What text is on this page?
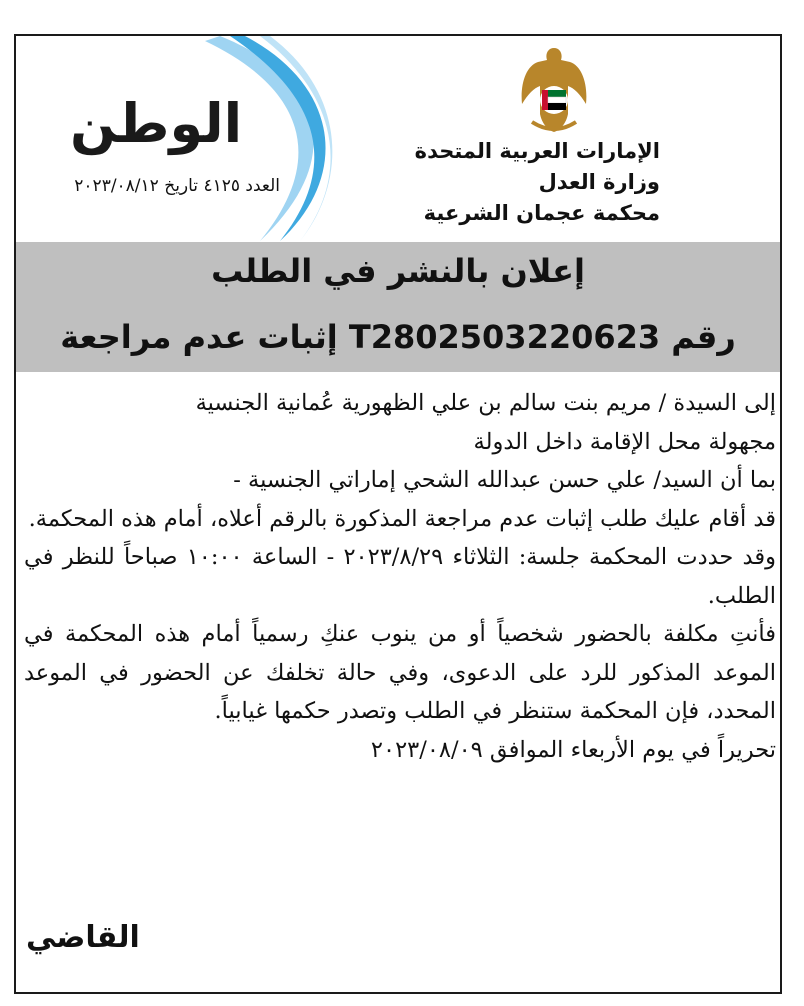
الوطن
العدد ٤١٢٥ تاريخ ٢٠٢٣/٠٨/١٢
الإمارات العربية المتحدة
وزارة العدل
محكمة عجمان الشرعية
إعلان بالنشر في الطلب
رقم T2802503220623 إثبات عدم مراجعة

إلى السيدة / مريم بنت سالم بن علي الظهورية عُمانية الجنسية

مجهولة محل الإقامة داخل الدولة

بما أن السيد/ علي حسن عبدالله الشحي إماراتي الجنسية -

قد أقام عليك طلب إثبات عدم مراجعة المذكورة بالرقم أعلاه، أمام هذه المحكمة.

وقد حددت المحكمة جلسة: الثلاثاء ٢٠٢٣/٨/٢٩ - الساعة ١٠:٠٠ صباحاً للنظر في الطلب.

فأنتِ مكلفة بالحضور شخصياً أو من ينوب عنكِ رسمياً أمام هذه المحكمة في الموعد المذكور للرد على الدعوى، وفي حالة تخلفك عن الحضور في الموعد المحدد، فإن المحكمة ستنظر في الطلب وتصدر حكمها غيابياً.

تحريراً في يوم الأربعاء الموافق ٢٠٢٣/٠٨/٠٩

القاضي
